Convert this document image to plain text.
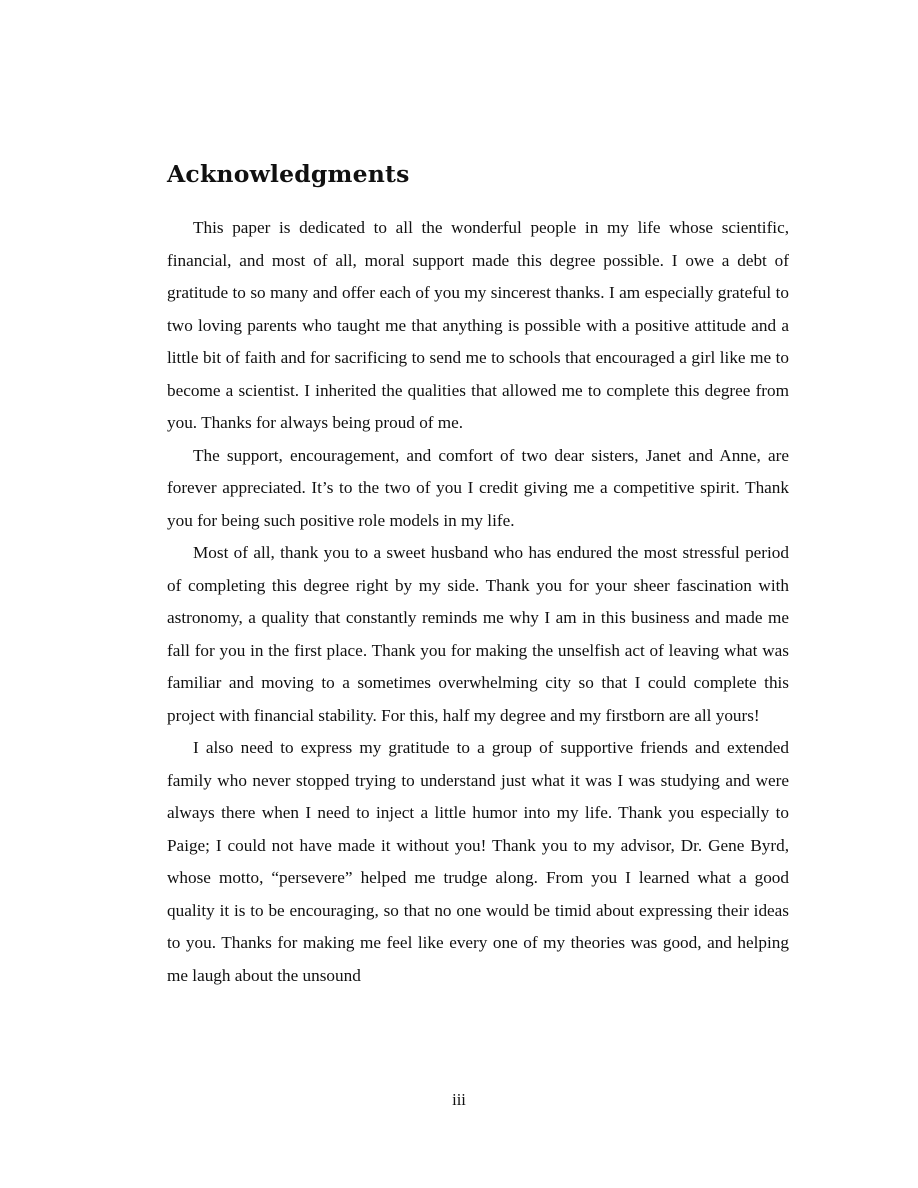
Acknowledgments

This paper is dedicated to all the wonderful people in my life whose scientific, financial, and most of all, moral support made this degree possible. I owe a debt of gratitude to so many and offer each of you my sincerest thanks. I am especially grateful to two loving parents who taught me that anything is possible with a positive attitude and a little bit of faith and for sacrificing to send me to schools that encouraged a girl like me to become a scientist. I inherited the qualities that allowed me to complete this degree from you. Thanks for always being proud of me.

The support, encouragement, and comfort of two dear sisters, Janet and Anne, are forever appreciated. It’s to the two of you I credit giving me a competitive spirit. Thank you for being such positive role models in my life.

Most of all, thank you to a sweet husband who has endured the most stressful period of completing this degree right by my side. Thank you for your sheer fascination with astronomy, a quality that constantly reminds me why I am in this business and made me fall for you in the first place. Thank you for making the unselfish act of leaving what was familiar and moving to a sometimes overwhelming city so that I could complete this project with financial stability. For this, half my degree and my firstborn are all yours!

I also need to express my gratitude to a group of supportive friends and extended family who never stopped trying to understand just what it was I was studying and were always there when I need to inject a little humor into my life. Thank you especially to Paige; I could not have made it without you! Thank you to my advisor, Dr. Gene Byrd, whose motto, “persevere” helped me trudge along. From you I learned what a good quality it is to be encouraging, so that no one would be timid about expressing their ideas to you. Thanks for making me feel like every one of my theories was good, and helping me laugh about the unsound

iii
